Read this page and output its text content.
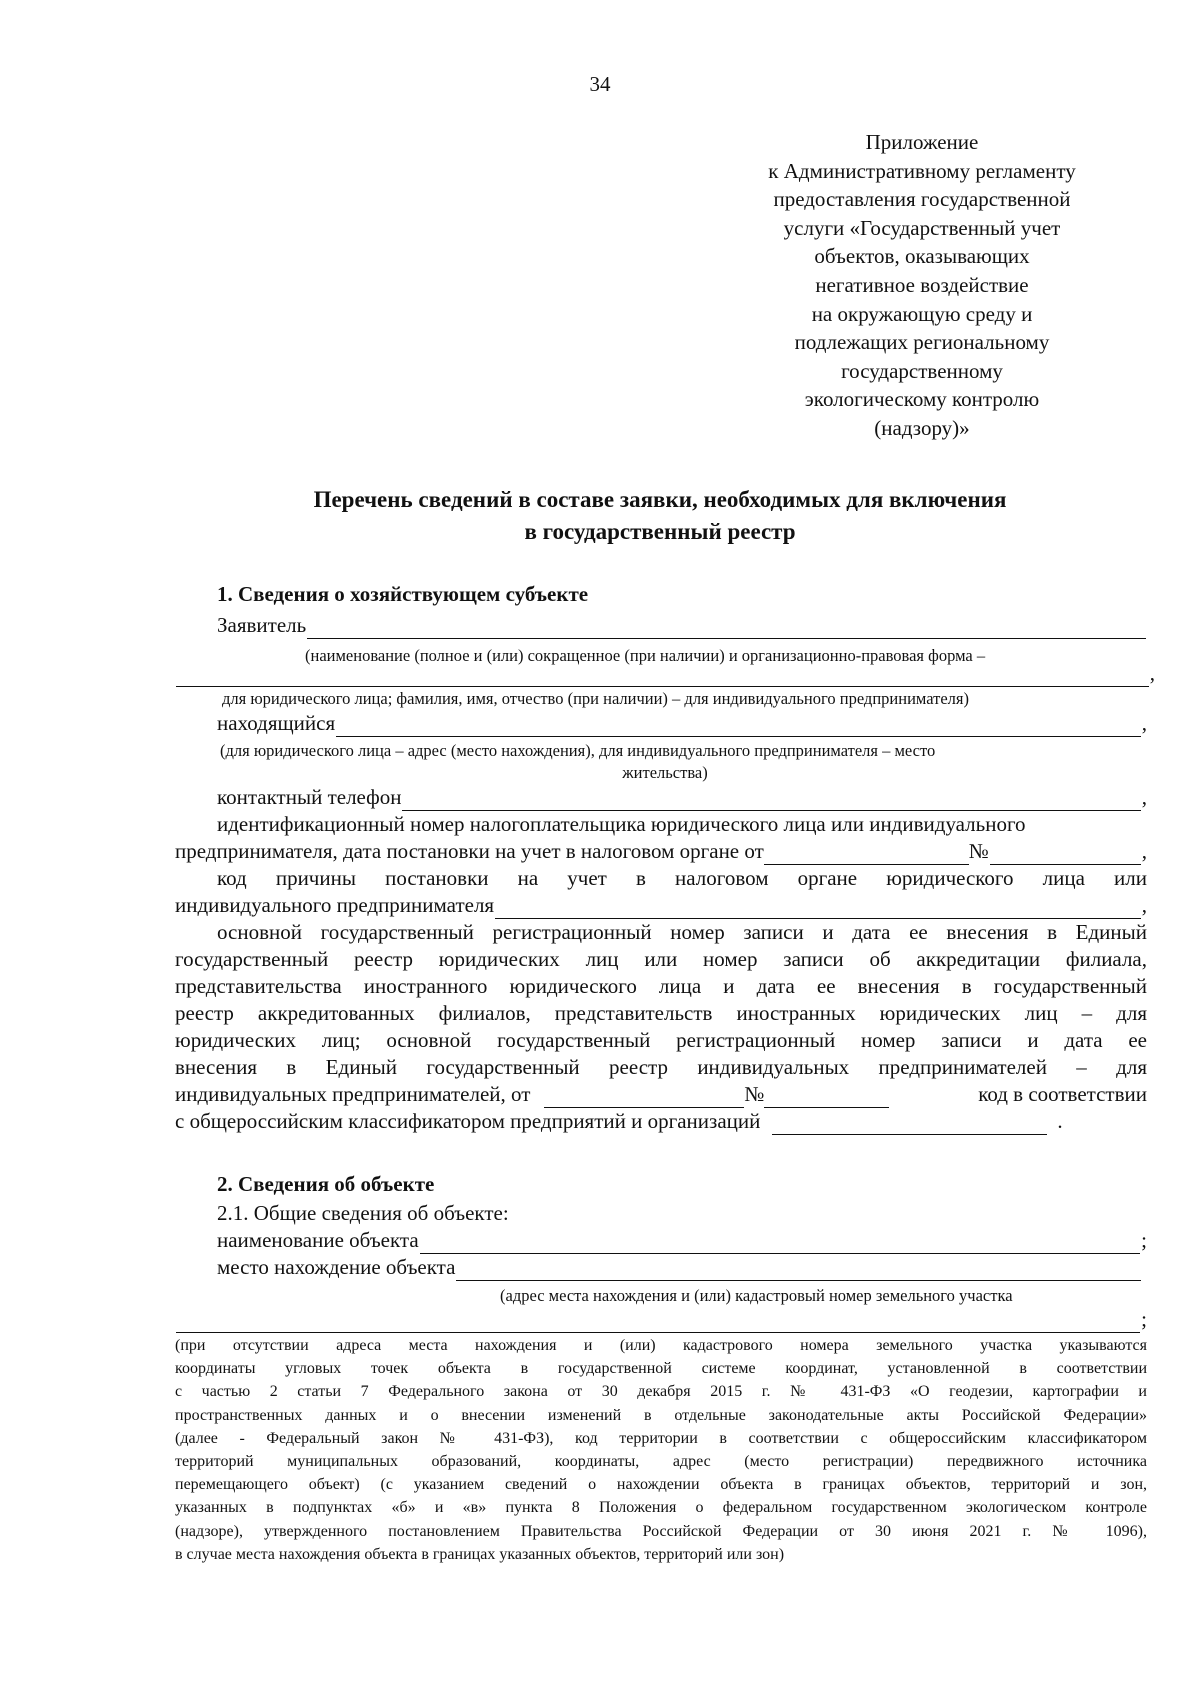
34
Приложение
к Административному регламенту
предоставления государственной
услуги «Государственный учет
объектов, оказывающих
негативное воздействие
на окружающую среду и
подлежащих региональному
государственному
экологическому контролю
(надзору)»
Перечень сведений в составе заявки, необходимых для включения
в государственный реестр
1. Сведения о хозяйствующем субъекте
Заявитель
(наименование (полное и (или) сокращенное (при наличии) и организационно-правовая форма –
,
для юридического лица; фамилия, имя, отчество (при наличии) – для индивидуального предпринимателя)
находящийся	,
(для юридического лица – адрес (место нахождения), для индивидуального предпринимателя – место
жительства)
контактный телефон	,
идентификационный номер налогоплательщика юридического лица или индивидуального
предпринимателя, дата постановки на учет в налоговом органе от	№	,
код причины постановки на учет в налоговом органе юридического лица или
индивидуального предпринимателя	,
основной государственный регистрационный номер записи и дата ее внесения в Единый
государственный реестр юридических лиц или номер записи об аккредитации филиала,
представительства иностранного юридического лица и дата ее внесения в государственный
реестр аккредитованных филиалов, представительств иностранных юридических лиц – для
юридических лиц; основной государственный регистрационный номер записи и дата ее
внесения в Единый государственный реестр индивидуальных предпринимателей – для
индивидуальных предпринимателей, от	№	код в соответствии
с общероссийским классификатором предприятий и организаций	.
2. Сведения об объекте
2.1. Общие сведения об объекте:
наименование объекта	;
место нахождение объекта
(адрес места нахождения и (или) кадастровый номер земельного участка
;
(при отсутствии адреса места нахождения и (или) кадастрового номера земельного участка указываются
координаты угловых точек объекта в государственной системе координат, установленной в соответствии
с частью 2 статьи 7 Федерального закона от 30 декабря 2015 г. № 431-ФЗ «О геодезии, картографии и
пространственных данных и о внесении изменений в отдельные законодательные акты Российской Федерации»
(далее - Федеральный закон № 431-ФЗ), код территории в соответствии с общероссийским классификатором
территорий муниципальных образований, координаты, адрес (место регистрации) передвижного источника
перемещающего объект) (с указанием сведений о нахождении объекта в границах объектов, территорий и зон,
указанных в подпунктах «б» и «в» пункта 8 Положения о федеральном государственном экологическом контроле
(надзоре), утвержденного постановлением Правительства Российской Федерации от 30 июня 2021 г. № 1096),
в случае места нахождения объекта в границах указанных объектов, территорий или зон)
